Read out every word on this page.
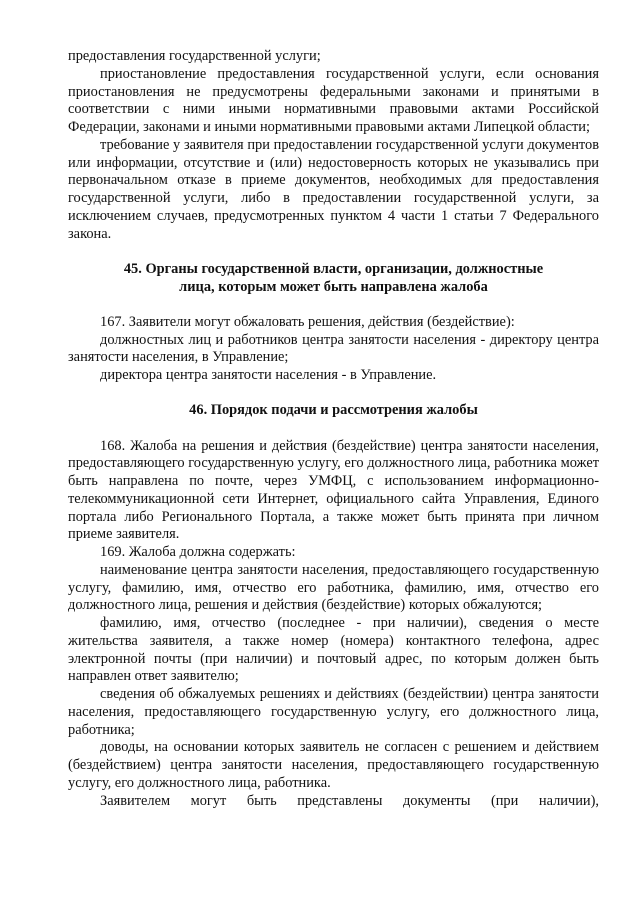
предоставления государственной услуги;

приостановление предоставления государственной услуги, если основания приостановления не предусмотрены федеральными законами и принятыми в соответствии с ними иными нормативными правовыми актами Российской Федерации, законами и иными нормативными правовыми актами Липецкой области;

требование у заявителя при предоставлении государственной услуги документов или информации, отсутствие и (или) недостоверность которых не указывались при первоначальном отказе в приеме документов, необходимых для предоставления государственной услуги, либо в предоставлении государственной услуги, за исключением случаев, предусмотренных пунктом 4 части 1 статьи 7 Федерального закона.

45. Органы государственной власти, организации, должностные
лица, которым может быть направлена жалоба

167. Заявители могут обжаловать решения, действия (бездействие):

должностных лиц и работников центра занятости населения - директору центра занятости населения, в Управление;

директора центра занятости населения - в Управление.

46. Порядок подачи и рассмотрения жалобы

168. Жалоба на решения и действия (бездействие) центра занятости населения, предоставляющего государственную услугу, его должностного лица, работника может быть направлена по почте, через УМФЦ, с использованием информационно-телекоммуникационной сети Интернет, официального сайта Управления, Единого портала либо Регионального Портала, а также может быть принята при личном приеме заявителя.

169. Жалоба должна содержать:

наименование центра занятости населения, предоставляющего государственную услугу, фамилию, имя, отчество его работника, фамилию, имя, отчество его должностного лица, решения и действия (бездействие) которых обжалуются;

фамилию, имя, отчество (последнее - при наличии), сведения о месте жительства заявителя, а также номер (номера) контактного телефона, адрес электронной почты (при наличии) и почтовый адрес, по которым должен быть направлен ответ заявителю;

сведения об обжалуемых решениях и действиях (бездействии) центра занятости населения, предоставляющего государственную услугу, его должностного лица, работника;

доводы, на основании которых заявитель не согласен с решением и действием (бездействием) центра занятости населения, предоставляющего государственную услугу, его должностного лица, работника.

Заявителем могут быть представлены документы (при наличии),
